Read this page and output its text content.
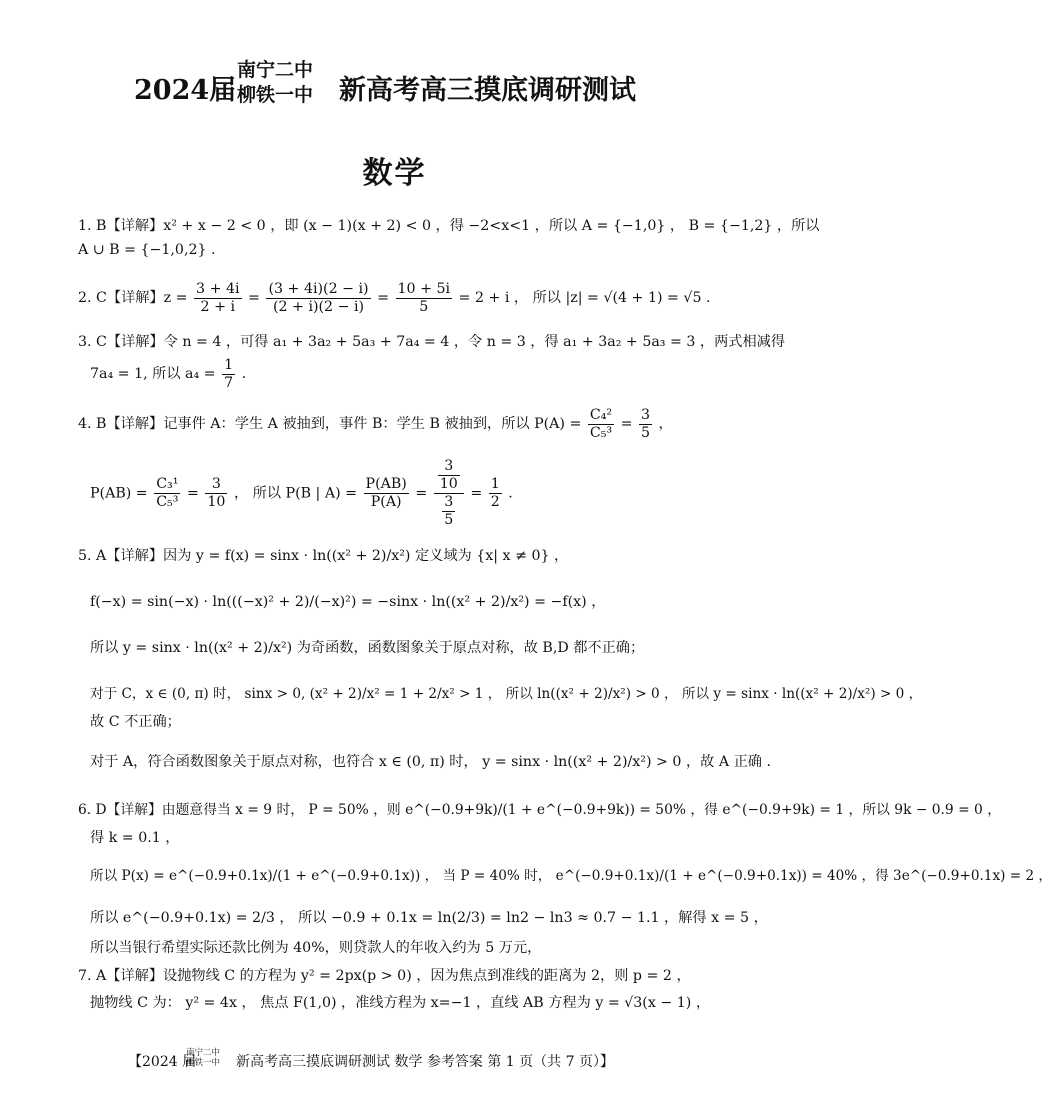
2024届
南宁二中
柳铁一中 新高考高三摸底调研测试
数学
1. B【详解】x² + x − 2 < 0 ，即 (x − 1)(x + 2) < 0 ，得 −2<x<1 ，所以 A = {−1,0} ， B = {−1,2} ，所以
A ∪ B = {−1,0,2} .
2. C【详解】$z = \frac{3 + 4i}{2 + i} = \frac{(3 + 4i)(2 - i)}{(2 + i)(2 - i)} = \frac{10 + 5i}{5} = 2 + i$ ， 所以 |z| = √(4 + 1) = √5 .
3. C【详解】令 n = 4 ，可得 a₁ + 3a₂ + 5a₃ + 7a₄ = 4 ，令 n = 3 ，得 a₁ + 3a₂ + 5a₃ = 3 ，两式相减得
7a₄ = 1, 所以 $a_4 = \frac{1}{7}$ .
4. B【详解】记事件 A：学生 A 被抽到，事件 B：学生 B 被抽到，所以 $P(A) = \frac{\text{C₄²}}{\text{C₅³}} = \frac{3}{5}$ ，
$P(AB) = \frac{\text{C₃¹}}{\text{C₅³}} = \frac{3}{10}$ ， 所以 P(B | $A) = \frac{P(AB)}{P(A)} = \frac{\frac{3}{10}}{\frac{3}{5}} = \frac{1}{2}$ .
5. A【详解】因为 y = f(x) = sinx · ln((x² + 2)/x²) 定义域为 {x| x ≠ 0} ，
f(−x) = sin(−x) · ln(((−x)² + 2)/(−x)²) = −sinx · ln((x² + 2)/x²) = −f(x) ，
所以 y = sinx · ln((x² + 2)/x²) 为奇函数，函数图象关于原点对称，故 B,D 都不正确；
对于 C，x ∈ (0, π) 时， sinx > 0, (x² + 2)/x² = 1 + 2/x² > 1 ， 所以 ln((x² + 2)/x²) > 0 ， 所以 y = sinx · ln((x² + 2)/x²) > 0 ，
故 C 不正确；
对于 A，符合函数图象关于原点对称，也符合 x ∈ (0, π) 时， y = sinx · ln((x² + 2)/x²) > 0 ，故 A 正确 .
6. D【详解】由题意得当 x = 9 时， P = 50% ，则 e^(−0.9+9k)/(1 + e^(−0.9+9k)) = 50% ，得 e^(−0.9+9k) = 1 ，所以 9k − 0.9 = 0 ，
得 k = 0.1 ，
所以 P(x) = e^(−0.9+0.1x)/(1 + e^(−0.9+0.1x)) ， 当 P = 40% 时， e^(−0.9+0.1x)/(1 + e^(−0.9+0.1x)) = 40% ，得 3e^(−0.9+0.1x) = 2 ，
所以 e^(−0.9+0.1x) = 2/3 ， 所以 −0.9 + 0.1x = ln(2/3) = ln2 − ln3 ≈ 0.7 − 1.1 ，解得 x = 5 ，
所以当银行希望实际还款比例为 40%，则贷款人的年收入约为 5 万元，
7. A【详解】设抛物线 C 的方程为 y² = 2px(p > 0) ，因为焦点到准线的距离为 2，则 p = 2 ，
抛物线 C 为： y² = 4x ， 焦点 F(1,0) ，准线方程为 x=−1 ，直线 AB 方程为 y = √3(x − 1) ，
【2024 届
南宁二中
柳铁一中 新高考高三摸底调研测试 数学 参考答案 第 1 页（共 7 页）】
